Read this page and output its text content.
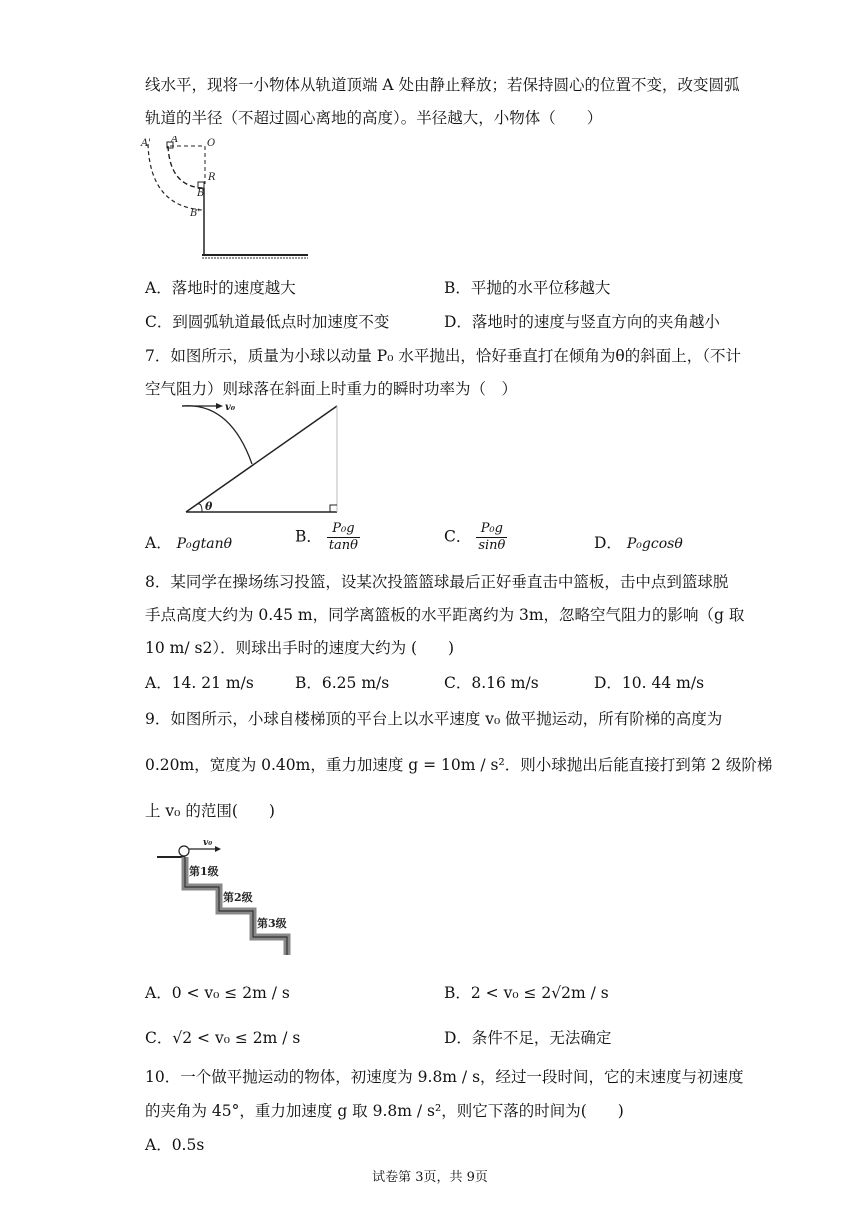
线水平，现将一小物体从轨道顶端 A 处由静止释放；若保持圆心的位置不变，改变圆弧
轨道的半径（不超过圆心离地的高度）。半径越大，小物体（　　）
A' A	O
R
B
B'
A．落地时的速度越大	B．平抛的水平位移越大
C．到圆弧轨道最低点时加速度不变	D．落地时的速度与竖直方向的夹角越小
7．如图所示，质量为小球以动量 P₀ 水平抛出，恰好垂直打在倾角为θ的斜面上，（不计
空气阻力）则球落在斜面上时重力的瞬时功率为（　）
v₀
θ
A． P₀gtanθ	B． $\frac{\text{P₀g}}{\tan\theta}$	C． $\frac{\text{P₀g}}{\sin\theta}$	D． P₀gcosθ
8．某同学在操场练习投篮，设某次投篮篮球最后正好垂直击中篮板，击中点到篮球脱
手点高度大约为 0.45 m，同学离篮板的水平距离约为 3m，忽略空气阻力的影响（g 取
10 m/ s2）．则球出手时的速度大约为 (　　)
A．14. 21 m/s	B．6.25 m/s	C．8.16 m/s	D．10. 44 m/s
9．如图所示，小球自楼梯顶的平台上以水平速度 v₀ 做平抛运动，所有阶梯的高度为
0.20m，宽度为 0.40m，重力加速度 g = 10m / s²．则小球抛出后能直接打到第 2 级阶梯
上 v₀ 的范围(　　)
v₀
第1级
第2级
第3级
A．0 < v₀ ≤ 2m / s	B．2 < v₀ ≤ 2√2m / s
C．√2 < v₀ ≤ 2m / s	D．条件不足，无法确定
10．一个做平抛运动的物体，初速度为 9.8m / s，经过一段时间，它的末速度与初速度
的夹角为 45°，重力加速度 g 取 9.8m / s²，则它下落的时间为(　　)
A．0.5s
试卷第 3页，共 9页
